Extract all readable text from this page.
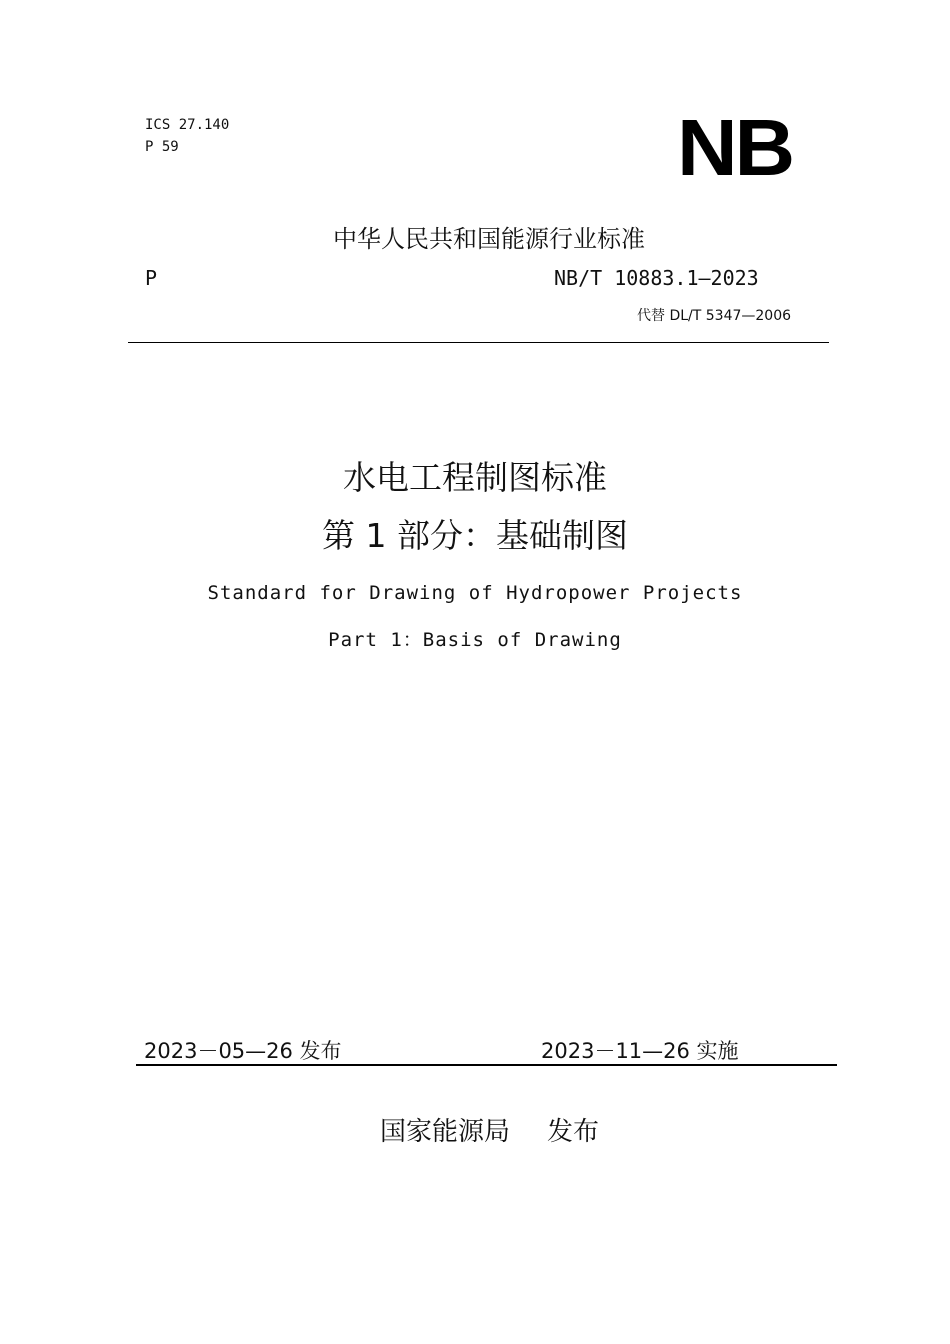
ICS 27.140
P 59	NB
中华人民共和国能源行业标准
P	NB/T 10883.1—2023
代替 DL/T 5347—2006
水电工程制图标准
第 1 部分：基础制图
Standard for Drawing of Hydropower Projects
Part 1：Basis of Drawing
2023－05—26 发布	2023－11—26 实施
国家能源局 发布
